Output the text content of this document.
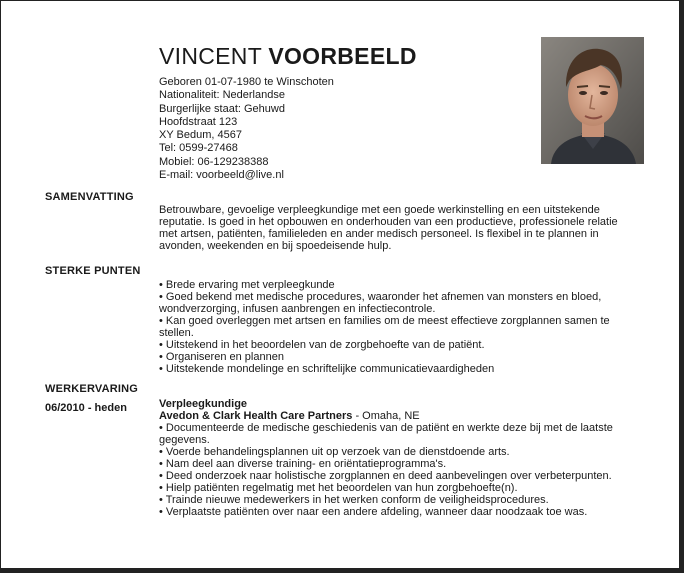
VINCENT VOORBEELD
Geboren 01-07-1980 te Winschoten
Nationaliteit: Nederlandse
Burgerlijke staat: Gehuwd
Hoofdstraat 123
XY Bedum, 4567
Tel: 0599-27468
Mobiel: 06-129238388
E-mail: voorbeeld@live.nl
SAMENVATTING

Betrouwbare, gevoelige verpleegkundige met een goede werkinstelling en een uitstekende reputatie. Is goed in het opbouwen en onderhouden van een productieve, professionele relatie met artsen, patiënten, familieleden en ander medisch personeel. Is flexibel in te plannen in avonden, weekenden en bij spoedeisende hulp.

STERKE PUNTEN
• Brede ervaring met verpleegkunde
• Goed bekend met medische procedures, waaronder het afnemen van monsters en bloed, wondverzorging, infusen aanbrengen en infectiecontrole.
• Kan goed overleggen met artsen en families om de meest effectieve zorgplannen samen te stellen.
• Uitstekend in het beoordelen van de zorgbehoefte van de patiënt.
• Organiseren en plannen
• Uitstekende mondelinge en schriftelijke communicatievaardigheden
WERKERVARING
06/2010 - heden	Verpleegkundige
Avedon & Clark Health Care Partners - Omaha, NE
• Documenteerde de medische geschiedenis van de patiënt en werkte deze bij met de laatste gegevens.
• Voerde behandelingsplannen uit op verzoek van de dienstdoende arts.
• Nam deel aan diverse training- en oriëntatieprogramma's.
• Deed onderzoek naar holistische zorgplannen en deed aanbevelingen over verbeterpunten.
• Hielp patiënten regelmatig met het beoordelen van hun zorgbehoefte(n).
• Trainde nieuwe medewerkers in het werken conform de veiligheidsprocedures.
• Verplaatste patiënten over naar een andere afdeling, wanneer daar noodzaak toe was.
